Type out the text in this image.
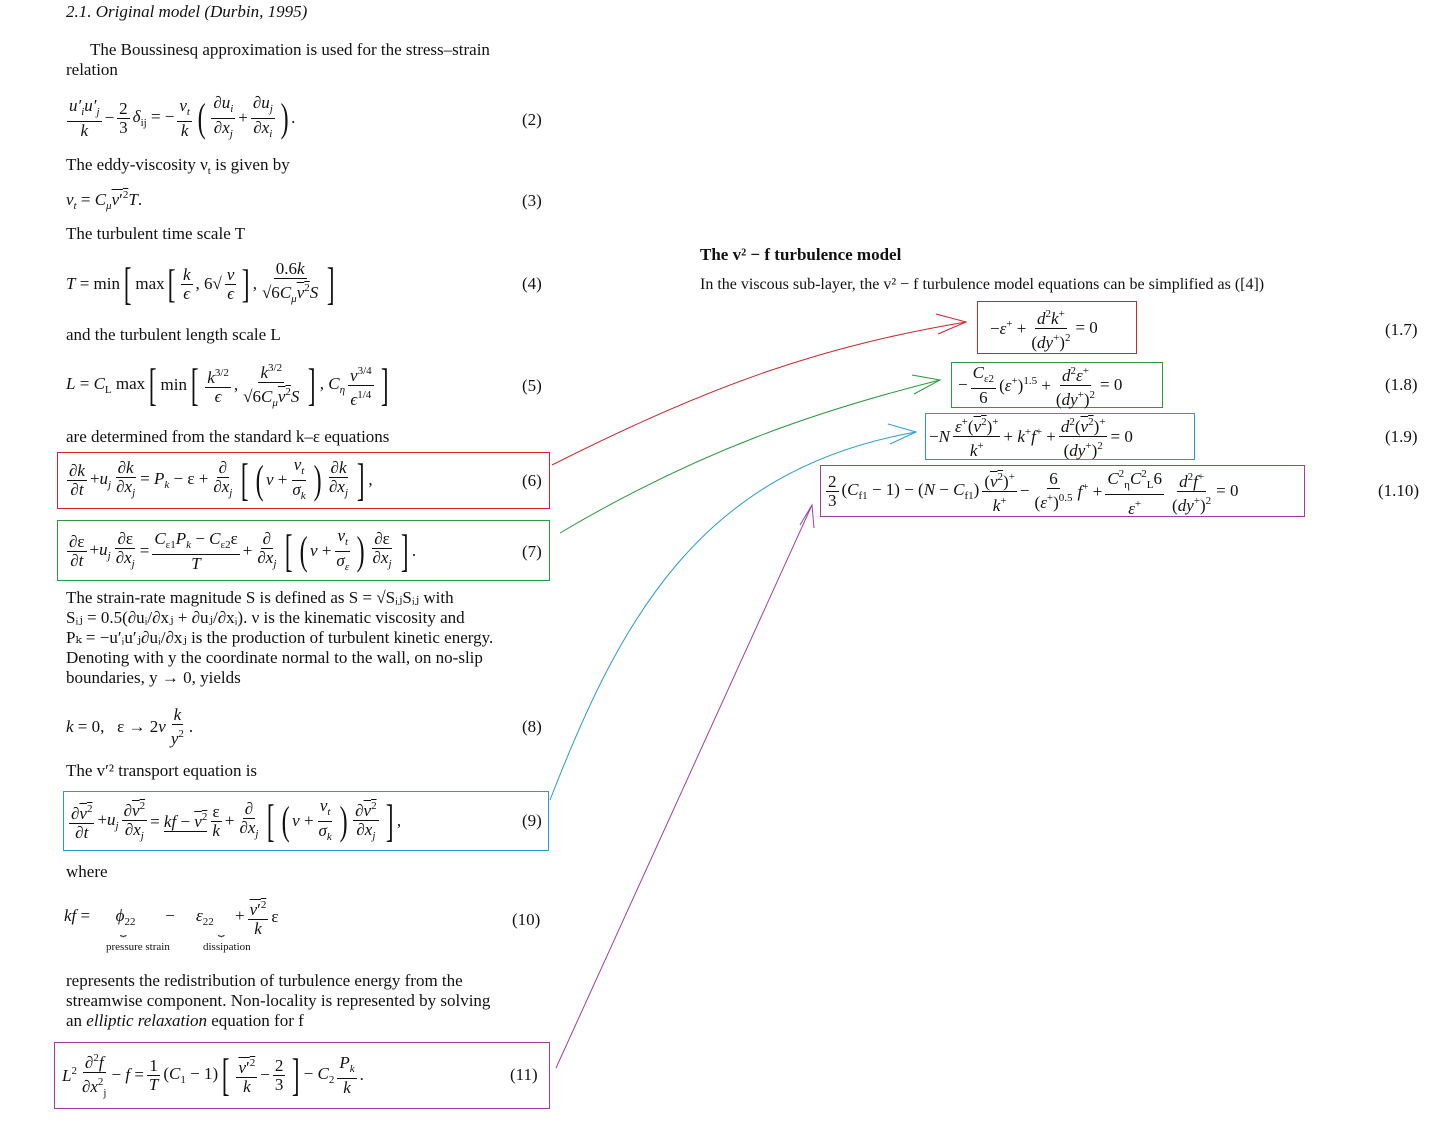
2.1. Original model (Durbin, 1995)
The Boussinesq approximation is used for the stress–strain
relation
$\frac{u'_iu'_j}{k} - \frac{2}{3} \delta_{ij}$ = − $\frac{\nu_t}{k}$ ( $\frac{\partial u_i}{\partial x_j} + \frac{\partial u_j}{\partial x_i}$ ) .	(2)
The eddy-viscosity $\nu_t$ is given by
$\nu_t = C_\mu v'^2T$.	(3)
The turbulent time scale T
T = min [ max [ $\frac{k}{\epsilon}$ , $6√ \frac{\nu}{\epsilon}$ ] , $\frac{0.6k}{√6C_\mu v^2S}$ ]	(4)
and the turbulent length scale L
$L = C_L$ max [ min [ $\frac{k^{3/2}}{\epsilon}$ , $\frac{k^{3/2}}{√6C_\mu v^2S}$ ] , $C_\eta \frac{\nu^{3/4}}{\epsilon^{1/4}}$ ]	(5)
are determined from the standard k–ε equations
$\frac{\partial k}{\partial t} +u_j \frac{\partial k}{\partial x_j} = P_k - \varepsilon + \frac{\partial}{\partial x_j}$ [ ( $\nu + \frac{\nu_t}{\sigma_k}$ ) $\frac{\partial k}{\partial x_j}$ ] ,	(6)
$\frac{\partial\varepsilon}{\partial t} +u_j \frac{\partial\varepsilon}{\partial x_j} = \frac{C_{\varepsilon 1}P_k - C_{\varepsilon 2}\varepsilon}{T} + \frac{\partial}{\partial x_j}$ [ ( $\nu + \frac{\nu_t}{\sigma_\varepsilon}$ ) $\frac{\partial\varepsilon}{\partial x_j}$ ] .	(7)
The strain-rate magnitude S is defined as S = √SᵢⱼSᵢⱼ with
Sᵢⱼ = 0.5(∂uᵢ/∂xⱼ + ∂uⱼ/∂xᵢ). ν is the kinematic viscosity and
Pₖ = −u′ᵢu′ⱼ∂uᵢ/∂xⱼ is the production of turbulent kinetic energy.
Denoting with y the coordinate normal to the wall, on no-slip
boundaries, y → 0, yields
k = 0,   $\varepsilon \to 2\nu \frac{k}{y^2}$ .	(8)
The v′² transport equation is
$\frac{\partial v^2}{\partial t} +u_j \frac{\partial v^2}{\partial x_j}$ = kf − $v^2 \frac{\varepsilon}{k} + \frac{\partial}{\partial x_j}$ [ ( $\nu + \frac{\nu_t}{\sigma_k}$ ) $\frac{\partial v^2}{\partial x_j}$ ] ,	(9)
where
kf =      $\phi_{22}$       −     $\varepsilon_{22}$     + $\frac{v'^2}{k}$ ε
⏟
pressure strain
⏟
dissipation
(10)
represents the redistribution of turbulence energy from the
streamwise component. Non-locality is represented by solving
an elliptic relaxation equation for f
$L^2 \frac{\partial^2f}{\partial x^2_j} - f = \frac{1}{T} (C_1 - 1)$ [ $\frac{v'^2}{k} - \frac{2}{3}$ ] − $C_2 \frac{P_k}{k}$ .	(11)
The v² − f turbulence model
In the viscous sub-layer, the v² − f turbulence model equations can be simplified as ([4])
$-\varepsilon^+ + \frac{d^2k^+}{(dy^+)^2} = 0$	(1.7)
− $\frac{C_{\varepsilon 2}}{6} (\varepsilon^+)^{1.5} + \frac{d^2\varepsilon^+}{(dy^+)^2} = 0$	(1.8)
$-N \frac{\varepsilon^+(v^2)^+}{k^+} + k^+f^+ + \frac{d^2(v^2)^+}{(dy^+)^2} = 0$	(1.9)
$\frac{2}{3} (C_{f1} - 1) - (N - C_{f1}) \frac{(v^2)^+}{k^+} - \frac{6}{(\varepsilon^+)^{0.5}} f^+ + \frac{C^2_\eta C^2_L6}{\varepsilon^+} \frac{d^2f^+}{(dy^+)^2} = 0$	(1.10)
